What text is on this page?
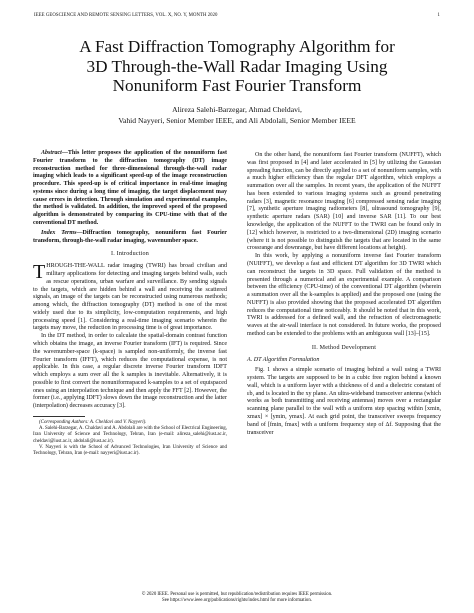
IEEE GEOSCIENCE AND REMOTE SENSING LETTERS, VOL. X, NO. Y, MONTH 2020	1
A Fast Diffraction Tomography Algorithm for
3D Through-the-Wall Radar Imaging Using
Nonuniform Fast Fourier Transform
Alireza Salehi-Barzegar, Ahmad Cheldavi,
Vahid Nayyeri, Senior Member IEEE, and Ali Abdolali, Senior Member IEEE

Abstract—This letter proposes the application of the nonuniform fast Fourier transform to the diffraction tomography (DT) image reconstruction method for three-dimensional through-the-wall radar imaging which leads to a significant speed-up of the image reconstruction procedure. This speed-up is of critical importance in real-time imaging systems since during a long time of imaging, the target displacement may cause errors in detection. Through simulation and experimental examples, the method is validated. In addition, the improved speed of the proposed algorithm is demonstrated by comparing its CPU-time with that of the conventional DT method.

Index Terms—Diffraction tomography, nonuniform fast Fourier transform, through-the-wall radar imaging, wavenumber space.

I. Introduction

THROUGH-THE-WALL radar imaging (TWRI) has broad civilian and military applications for detecting and imaging targets behind walls, such as rescue operations, urban warfare and surveillance. By sending signals to the targets, which are hidden behind a wall and receiving the scattered signals, an image of the targets can be reconstructed using numerous methods; among which, the diffraction tomography (DT) method is one of the most widely used due to its simplicity, low-computation requirements, and high processing speed [1]. Considering a real-time imaging scenario wherein the targets may move, the reduction in processing time is of great importance.

In the DT method, in order to calculate the spatial-domain contrast function which obtains the image, an inverse Fourier transform (IFT) is required. Since the wavenumber-space (k-space) is sampled non-uniformly, the inverse fast Fourier transform (IFFT), which reduces the computational expense, is not applicable. In this case, a regular discrete inverse Fourier transform IDFT which employs a sum over all the k samples is inevitable. Alternatively, it is possible to first convert the nonuniformspaced k-samples to a set of equispaced ones using an interpolation technique and then apply the FFT [2]. However, the former (i.e., applying IDFT) slows down the image reconstruction and the latter (interpolation) decreases accuracy [3].

(Corresponding Authors: A. Cheldavi and V. Nayyeri).

A. Salehi-Barzegar, A. Chaldavi and A. Abdolali are with the School of Electrical Engineering, Iran University of Science and Technology, Tehran, Iran (e-mail: alireza_salehi@iust.ac.ir, cheldavi@iust.ac.ir, abdolali@iust.ac.ir).

V. Nayyeri is with the School of Advanced Technologies, Iran University of Science and Technology, Tehran, Iran (e-mail: nayyeri@iust.ac.ir).

On the other hand, the nonuniform fast Fourier transform (NUFFT), which was first proposed in [4] and later accelerated in [5] by utilizing the Gaussian spreading function, can be directly applied to a set of nonuniform samples, with a much higher efficiency than the regular DFT algorithm, which employs a summation over all the samples. In recent years, the application of the NUFFT has been extended to various imaging systems such as ground penetrating radars [3], magnetic resonance imaging [6] compressed sensing radar imaging [7], synthetic aperture imaging radiometers [8], ultrasound tomography [9], synthetic aperture radars (SAR) [10] and inverse SAR [11]. To our best knowledge, the application of the NUFFT to the TWRI can be found only in [12] which however, is restricted to a two-dimensional (2D) imaging scenario (where it is not possible to distinguish the targets that are located in the same crossrange and downrange, but have different locations at height).

In this work, by applying a nonuniform inverse fast Fourier transform (NUIFFT), we develop a fast and efficient DT algorithm for 3D TWRI which can reconstruct the targets in 3D space. Full validation of the method is presented through a numerical and an experimental example. A comparison between the efficiency (CPU-time) of the conventional DT algorithm (wherein a summation over all the k-samples is applied) and the proposed one (using the NUFFT) is also provided showing that the proposed accelerated DT algorithm reduces the computational time noticeably. It should be noted that in this work, TWRI is addressed for a defined wall, and the refraction of electromagnetic waves at the air-wall interface is not considered. In future works, the proposed method can be extended to the problems with an ambiguous wall [13]–[15].

II. Method Development

A. DT Algorithm Formulation

Fig. 1 shows a simple scenario of imaging behind a wall using a TWRI system. The targets are supposed to be in a cubic free region behind a known wall, which is a uniform layer with a thickness of d and a dielectric constant of εb, and is located in the xy plane. An ultra-wideband transceiver antenna (which works as both transmitting and receiving antennas) moves over a rectangular scanning plane parallel to the wall with a uniform step spacing within [xmin, xmax] × [ymin, ymax]. At each grid point, the transceiver sweeps frequency band of [fmin, fmax] with a uniform frequency step of Δf. Supposing that the transceiver

© 2020 IEEE. Personal use is permitted, but republication/redistribution requires IEEE permission.
See https://www.ieee.org/publications/rights/index.html for more information.
